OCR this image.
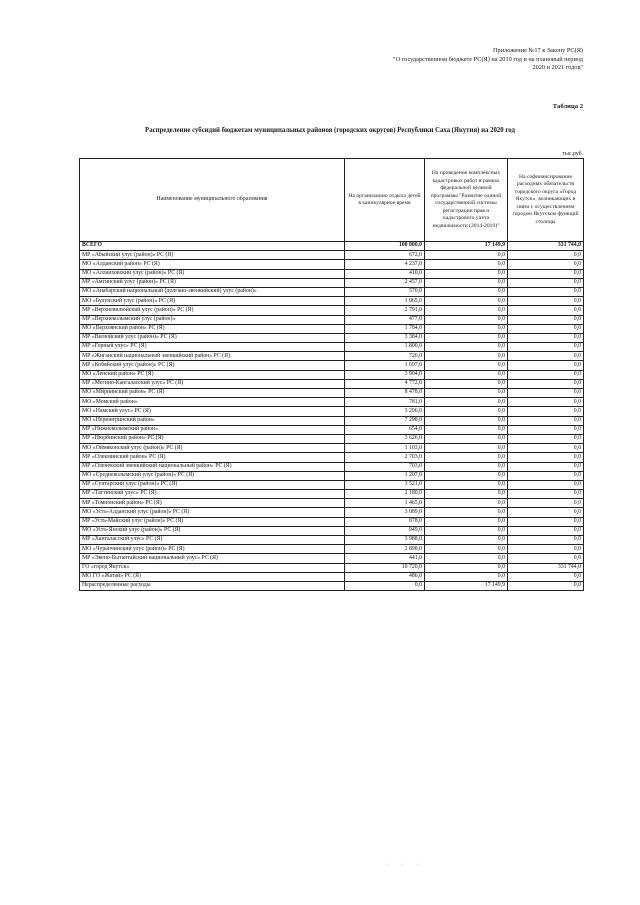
Приложение №17 к Закону РС(Я)
"О государственном бюджете РС(Я) на 2019 год и на плановый период
2020 и 2021 годов"
Таблица 2
Распределение субсидий бюджетам муниципальных районов (городских округов) Республики Саха (Якутия) на 2020 год
тыс.руб.
Наименование муниципального образования	На организацию отдыха детей в каникулярное время	На проведение комплексных кадастровых работ в рамках федеральной целевой программы "Развитие единой государственной системы регистрации прав и кадастрового учета недвижимости (2014-2019)"	На софинансирование расходных обязательств городского округа «Город Якутск», возникающих в связи с осуществлением городом Якутском функций столицы
ВСЕГО	100 000,0	17 149,9	331 744,0
МР «Абыйский улус (район)» РС (Я)	672,0	0,0	0,0
МО «Алданский район» РС (Я)	4 237,0	0,0	0,0
МО «Аллаиховский улус (район)» РС (Я)	410,0	0,0	0,0
МР «Амгинский улус (район)» РС (Я)	2 457,0	0,0	0,0
МО «Анабарский национальный (долгано-эвенкийский) улус (район)»	570,0	0,0	0,0
МО «Булунский улус (район)» РС (Я)	1 065,0	0,0	0,0
МР «Верхневилюйский улус (район)» РС (Я)	2 791,0	0,0	0,0
МР «Верхнеколымский улус (район)»	477,0	0,0	0,0
МО «Верхоянский район» РС (Я)	1 784,0	0,0	0,0
МР «Вилюйский улус (район)» РС (Я)	3 384,0	0,0	0,0
МР «Горный улус» РС (Я)	1 800,0	0,0	0,0
МР «Жиганский национальный эвенкийский район» РС (Я)	726,0	0,0	0,0
МР «Кобяйский улус (район)» РС (Я)	1 697,0	0,0	0,0
МО «Ленский район» РС (Я)	3 904,0	0,0	0,0
МР «Мегино-Кангаласский улус» РС (Я)	4 772,0	0,0	0,0
МО «Мирнинский район» РС (Я)	8 478,0	0,0	0,0
МО «Момский район»	781,0	0,0	0,0
МО «Намский улус» РС (Я)	3 296,0	0,0	0,0
МО «Нерюнгринский район»	7 298,0	0,0	0,0
МР «Нижнеколымский район»	654,0	0,0	0,0
МР «Нюрбинский район» РС (Я)	3 626,0	0,0	0,0
МО «Оймяконский улус (район)» РС (Я)	1 103,0	0,0	0,0
МР «Олекминский район» РС (Я)	2 703,0	0,0	0,0
МР «Оленекский эвенкийский национальный район» РС (Я)	703,0	0,0	0,0
МО «Среднеколымский улус (район)» РС (Я)	1 207,0	0,0	0,0
МР «Сунтарский улус (район)» РС (Я)	3 521,0	0,0	0,0
МР «Таттинский улус» РС (Я)	2 180,0	0,0	0,0
МР «Томпонский район» РС (Я)	1 465,0	0,0	0,0
МО «Усть-Алданский улус (район)» РС (Я)	3 089,0	0,0	0,0
МР «Усть-Майский улус (район)» РС (Я)	878,0	0,0	0,0
МО «Усть-Янский улус (район)» РС (Я)	949,0	0,0	0,0
МР «Хангаласский улус» РС (Я)	3 988,0	0,0	0,0
МО «Чурапчинский улус (район)» РС (Я)	2 898,0	0,0	0,0
МР «Эвено-Бытантайский национальный улус» РС (Я)	441,0	0,0	0,0
ГО «город Якутск»	19 720,0	0,0	331 744,0
МО ГО «Жатай» РС (Я)	486,0	0,0	0,0
Нераспределенные расходы	0,0	17 149,9	0,0
· · ·
